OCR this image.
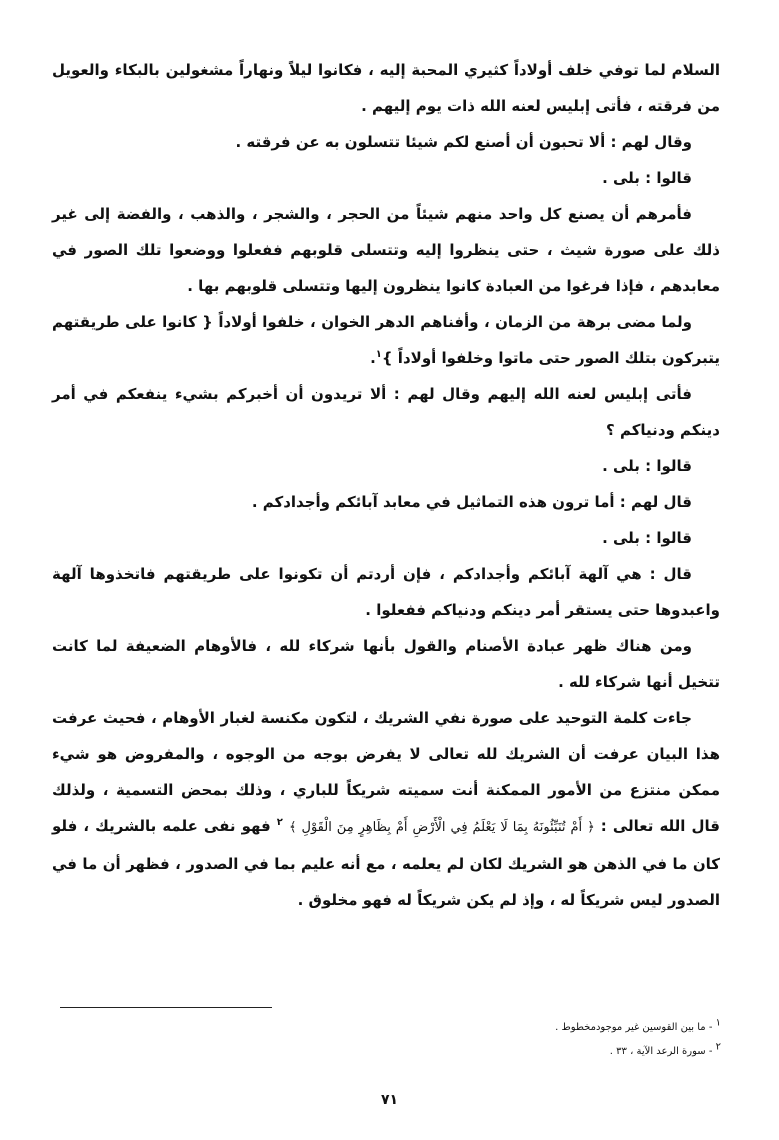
السلام لما توفي خلف أولاداً كثيري المحبة إليه ، فكانوا ليلاً ونهاراً مشغولين بالبكاء والعويل من فرقته ، فأتى إبليس لعنه الله ذات يوم إليهم .

وقال لهم : ألا تحبون أن أصنع لكم شيئا تتسلون به عن فرقته .

قالوا : بلى .

فأمرهم أن يصنع كل واحد منهم شيئاً من الحجر ، والشجر ، والذهب ، والفضة إلى غير ذلك على صورة شيث ، حتى ينظروا إليه وتتسلى قلوبهم ففعلوا ووضعوا تلك الصور في معابدهم ، فإذا فرغوا من العبادة كانوا ينظرون إليها وتتسلى قلوبهم بها .

ولما مضى برهة من الزمان ، وأفناهم الدهر الخوان ، خلفوا أولاداً { كانوا على طريقتهم يتبركون بتلك الصور حتى ماتوا وخلفوا أولاداً }$^١$.

فأتى إبليس لعنه الله إليهم وقال لهم : ألا تريدون أن أخبركم بشيء ينفعكم في أمر دينكم ودنياكم ؟

قالوا : بلى .

قال لهم : أما ترون هذه التماثيل في معابد آبائكم وأجدادكم .

قالوا : بلى .

قال : هي آلهة آبائكم وأجدادكم ، فإن أردتم أن تكونوا على طريقتهم فاتخذوها آلهة واعبدوها حتى يستقر أمر دينكم ودنياكم ففعلوا .

ومن هناك ظهر عبادة الأصنام والقول بأنها شركاء لله ، فالأوهام الضعيفة لما كانت تتخيل أنها شركاء لله .

جاءت كلمة التوحيد على صورة نفي الشريك ، لتكون مكنسة لغبار الأوهام ، فحيث عرفت هذا البيان عرفت أن الشريك لله تعالى لا يفرض بوجه من الوجوه ، والمفروض هو شيء ممكن منتزع من الأمور الممكنة أنت سميته شريكاً للباري ، وذلك بمحض التسمية ، ولذلك قال الله تعالى : ﴿ أَمْ تُنَبِّئُونَهُ بِمَا لَا يَعْلَمُ فِي الْأَرْضِ أَمْ بِظَاهِرٍ مِنَ الْقَوْلِ ﴾ $^٢$ فهو نفى علمه بالشريك ، فلو كان ما في الذهن هو الشريك لكان لم يعلمه ، مع أنه عليم بما في الصدور ، فظهر أن ما في الصدور ليس شريكاً له ، وإذ لم يكن شريكاً له فهو مخلوق .

١ - ما بين القوسين غير موجودمخطوط .

٢ - سورة الرعد الآية ، ٣٣ .

٧١
